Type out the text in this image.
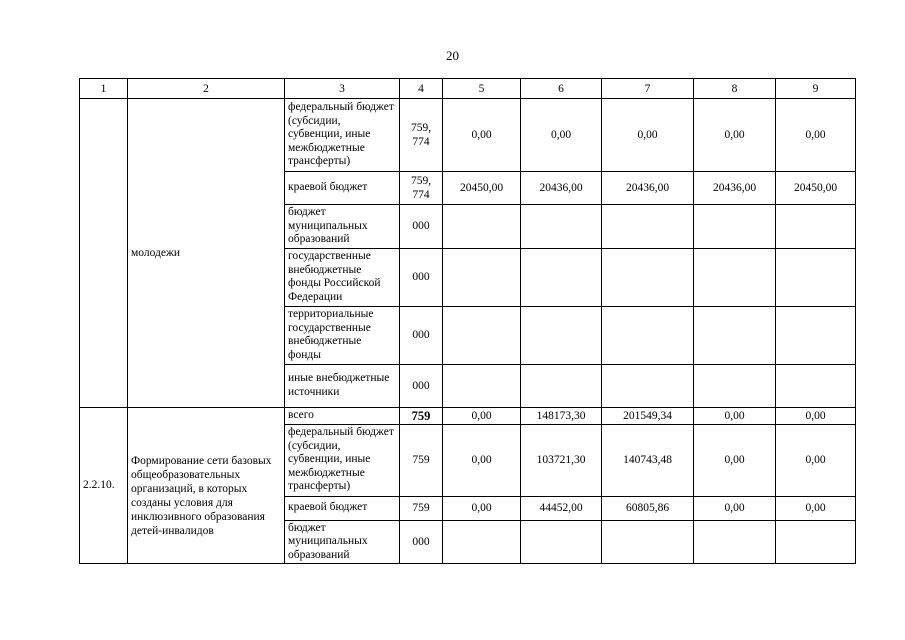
20
1	2	3	4	5	6	7	8	9
	молодежи	федеральный бюджет (субсидии, субвенции, иные межбюджетные трансферты)	759, 774	0,00	0,00	0,00	0,00	0,00
		краевой бюджет	759, 774	20450,00	20436,00	20436,00	20436,00	20450,00
		бюджет муниципальных образований	000					
		государственные внебюджетные фонды Российской Федерации	000					
		территориальные государственные внебюджетные фонды	000					
		иные внебюджетные источники	000					
2.2.10.	Формирование сети базовых общеобразовательных организаций, в которых созданы условия для инклюзивного образования детей-инвалидов	всего	759	0,00	148173,30	201549,34	0,00	0,00
		федеральный бюджет (субсидии, субвенции, иные межбюджетные трансферты)	759	0,00	103721,30	140743,48	0,00	0,00
		краевой бюджет	759	0,00	44452,00	60805,86	0,00	0,00
		бюджет муниципальных образований	000					
